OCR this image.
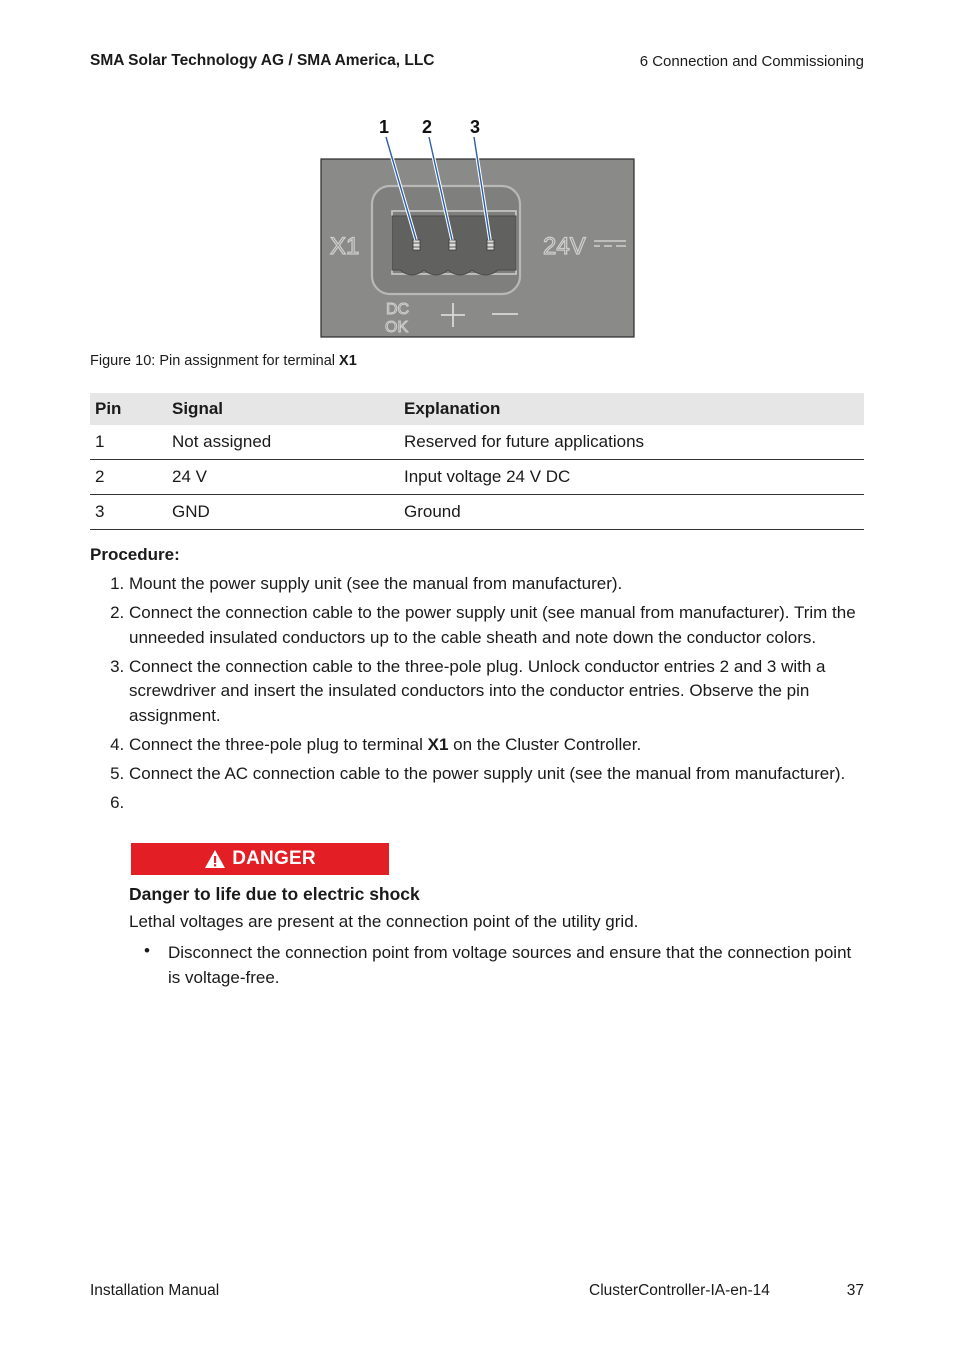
SMA Solar Technology AG / SMA America, LLC	6 Connection and Commissioning
1 2 3
X1	24V
DC
OK
Figure 10: Pin assignment for terminal X1
Pin	Signal	Explanation
1	Not assigned	Reserved for future applications
2	24 V	Input voltage 24 V DC
3	GND	Ground
Procedure:
1. Mount the power supply unit (see the manual from manufacturer).
2. Connect the connection cable to the power supply unit (see manual from manufacturer). Trim the unneeded insulated conductors up to the cable sheath and note down the conductor colors.
3. Connect the connection cable to the three-pole plug. Unlock conductor entries 2 and 3 with a screwdriver and insert the insulated conductors into the conductor entries. Observe the pin assignment.
4. Connect the three-pole plug to terminal X1 on the Cluster Controller.
5. Connect the AC connection cable to the power supply unit (see the manual from manufacturer).
6.
DANGER
Danger to life due to electric shock
Lethal voltages are present at the connection point of the utility grid.
• Disconnect the connection point from voltage sources and ensure that the connection point is voltage-free.
Installation Manual	ClusterController-IA-en-14	37
